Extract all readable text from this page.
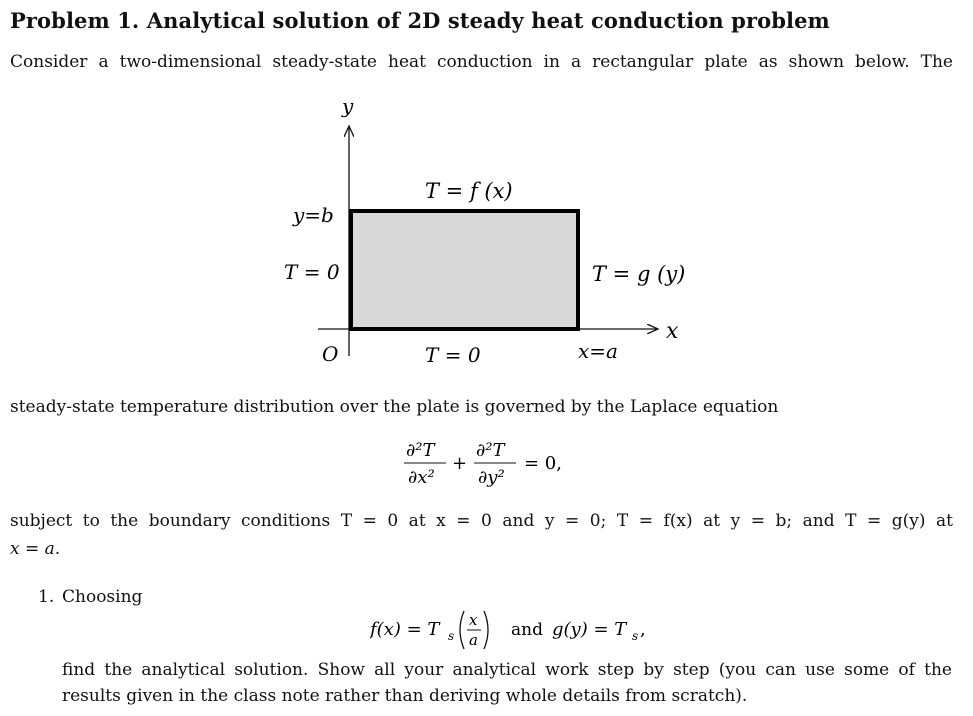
Problem 1. Analytical solution of 2D steady heat conduction problem
Consider a two-dimensional steady-state heat conduction in a rectangular plate as shown below. The
y
x
O
T = f (x)
T = 0	T = g (y)
T = 0
y=b
x=a
steady-state temperature distribution over the plate is governed by the Laplace equation
∂²T
∂x²
+
∂²T
∂y²
= 0,
subject to the boundary conditions T = 0 at x = 0 and y = 0; T = f(x) at y = b; and T = g(y) at
x = a.
1. Choosing
f(x) = T s
x
a and g(y) = T s ,
find the analytical solution. Show all your analytical work step by step (you can use some of the
results given in the class note rather than deriving whole details from scratch).
